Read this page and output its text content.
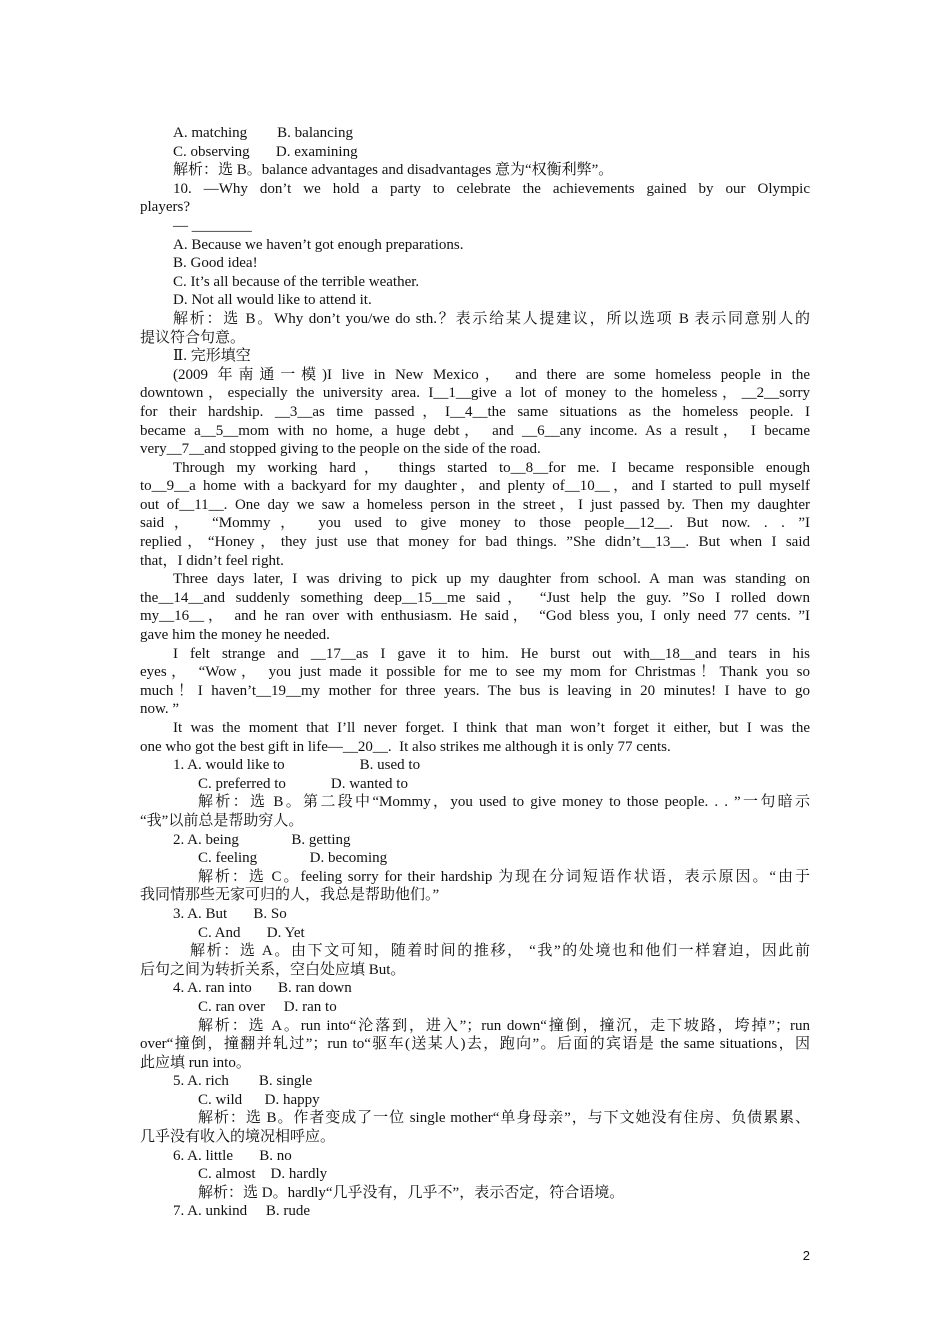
A. matching        B. balancing
C. observing       D. examining
解析：选 B。balance advantages and disadvantages 意为“权衡利弊”。
10. —Why don’t we hold a party to celebrate the achievements gained by our Olympic
players?
— ________
A. Because we haven’t got enough preparations.
B. Good idea!
C. It’s all because of the terrible weather.
D. Not all would like to attend it.
解析：选 B。Why don’t you/we do sth.？表示给某人提建议，所以选项 B 表示同意别人的
提议符合句意。
Ⅱ. 完形填空
(2009 年南通一模)I live in New Mexico， and there are some homeless people in the
downtown，especially the university area. I__1__give a lot of money to the homeless，__2__sorry
for their hardship. __3__as time passed，I__4__the same situations as the homeless people. I
became a__5__mom with no home, a huge debt， and __6__any income. As a result， I became
very__7__and stopped giving to the people on the side of the road.
Through my working hard， things started to__8__for me. I became responsible enough
to__9__a home with a backyard for my daughter，and plenty of__10__，and I started to pull myself
out of__11__. One day we saw a homeless person in the street，I just passed by. Then my daughter
said， “Mommy， you used to give money to those people__12__. But now. . . ”I
replied，“Honey，they just use that money for bad things. ”She didn’t__13__. But when I said
that，I didn’t feel right.
Three days later, I was driving to pick up my daughter from school. A man was standing on
the__14__and suddenly something deep__15__me said， “Just help the guy. ”So I rolled down
my__16__， and he ran over with enthusiasm. He said， “God bless you, I only need 77 cents. ”I
gave him the money he needed.
I felt strange and __17__as I gave it to him. He burst out with__18__and tears in his
eyes， “Wow， you just made it possible for me to see my mom for Christmas！Thank you so
much！I haven’t__19__my mother for three years. The bus is leaving in 20 minutes! I have to go
now. ”
It was the moment that I’ll never forget. I think that man won’t forget it either, but I was the
one who got the best gift in life—__20__.  It also strikes me although it is only 77 cents.
1. A. would like to                    B. used to
C. preferred to            D. wanted to
解析：选 B。第二段中“Mommy，you used to give money to those people. . . ”一句暗示
“我”以前总是帮助穷人。
2. A. being              B. getting
C. feeling              D. becoming
解析：选 C。feeling sorry for their hardship 为现在分词短语作状语，表示原因。“由于
我同情那些无家可归的人，我总是帮助他们。”
3. A. But       B. So
C. And       D. Yet
解析：选 A。由下文可知，随着时间的推移， “我”的处境也和他们一样窘迫，因此前
后句之间为转折关系，空白处应填 But。
4. A. ran into       B. ran down
C. ran over     D. ran to
解析：选 A。run into“沦落到，进入”；run down“撞倒，撞沉，走下坡路，垮掉”；run
over“撞倒，撞翻并轧过”；run to“驱车(送某人)去，跑向”。后面的宾语是 the same situations，因
此应填 run into。
5. A. rich        B. single
C. wild      D. happy
解析：选 B。作者变成了一位 single mother“单身母亲”，与下文她没有住房、负债累累、
几乎没有收入的境况相呼应。
6. A. little       B. no
C. almost    D. hardly
解析：选 D。hardly“几乎没有，几乎不”，表示否定，符合语境。
7. A. unkind     B. rude
2
